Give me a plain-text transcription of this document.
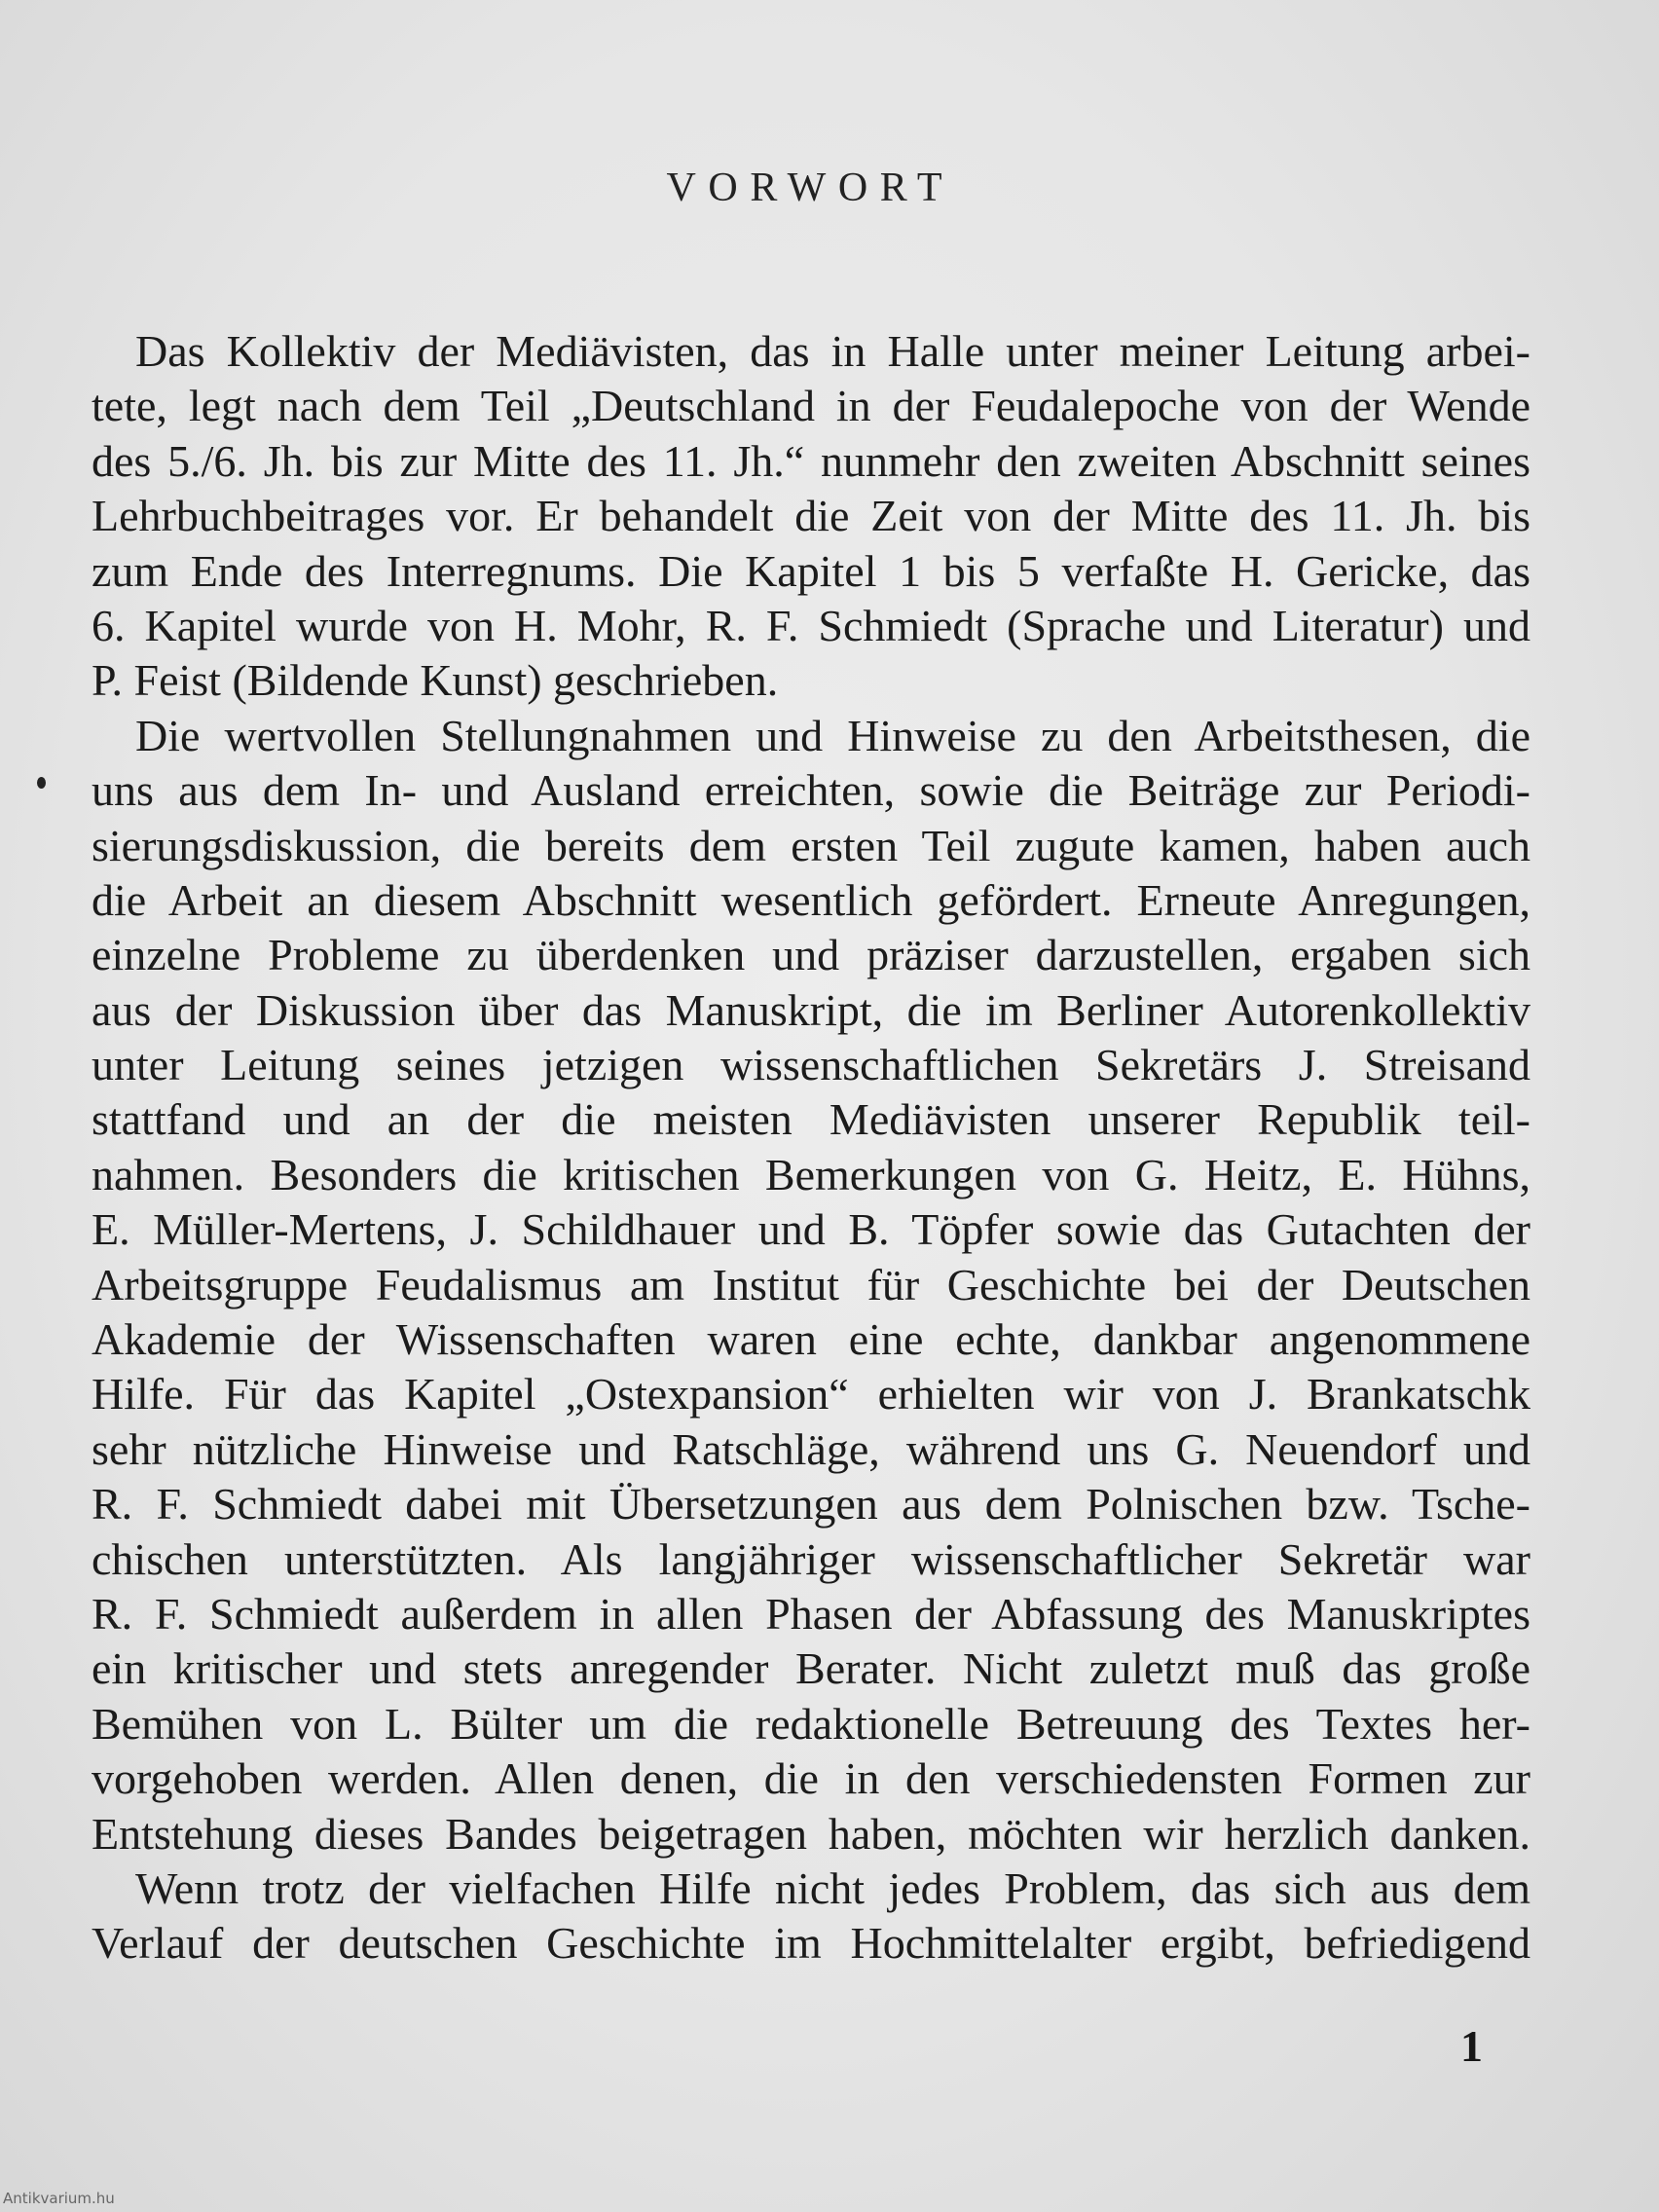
VORWORT
Das Kollektiv der Mediävisten, das in Halle unter meiner Leitung arbei-
tete, legt nach dem Teil „Deutschland in der Feudalepoche von der Wende
des 5./6. Jh. bis zur Mitte des 11. Jh.“ nunmehr den zweiten Abschnitt seines
Lehrbuchbeitrages vor. Er behandelt die Zeit von der Mitte des 11. Jh. bis
zum Ende des Interregnums. Die Kapitel 1 bis 5 verfaßte H. Gericke, das
6. Kapitel wurde von H. Mohr, R. F. Schmiedt (Sprache und Literatur) und
P. Feist (Bildende Kunst) geschrieben.
Die wertvollen Stellungnahmen und Hinweise zu den Arbeitsthesen, die
uns aus dem In- und Ausland erreichten, sowie die Beiträge zur Periodi-
sierungsdiskussion, die bereits dem ersten Teil zugute kamen, haben auch
die Arbeit an diesem Abschnitt wesentlich gefördert. Erneute Anregungen,
einzelne Probleme zu überdenken und präziser darzustellen, ergaben sich
aus der Diskussion über das Manuskript, die im Berliner Autorenkollektiv
unter Leitung seines jetzigen wissenschaftlichen Sekretärs J. Streisand
stattfand und an der die meisten Mediävisten unserer Republik teil-
nahmen. Besonders die kritischen Bemerkungen von G. Heitz, E. Hühns,
E. Müller-Mertens, J. Schildhauer und B. Töpfer sowie das Gutachten der
Arbeitsgruppe Feudalismus am Institut für Geschichte bei der Deutschen
Akademie der Wissenschaften waren eine echte, dankbar angenommene
Hilfe. Für das Kapitel „Ostexpansion“ erhielten wir von J. Brankatschk
sehr nützliche Hinweise und Ratschläge, während uns G. Neuendorf und
R. F. Schmiedt dabei mit Übersetzungen aus dem Polnischen bzw. Tsche-
chischen unterstützten. Als langjähriger wissenschaftlicher Sekretär war
R. F. Schmiedt außerdem in allen Phasen der Abfassung des Manuskriptes
ein kritischer und stets anregender Berater. Nicht zuletzt muß das große
Bemühen von L. Bülter um die redaktionelle Betreuung des Textes her-
vorgehoben werden. Allen denen, die in den verschiedensten Formen zur
Entstehung dieses Bandes beigetragen haben, möchten wir herzlich danken.
Wenn trotz der vielfachen Hilfe nicht jedes Problem, das sich aus dem
Verlauf der deutschen Geschichte im Hochmittelalter ergibt, befriedigend
1
Antikvarium.hu
